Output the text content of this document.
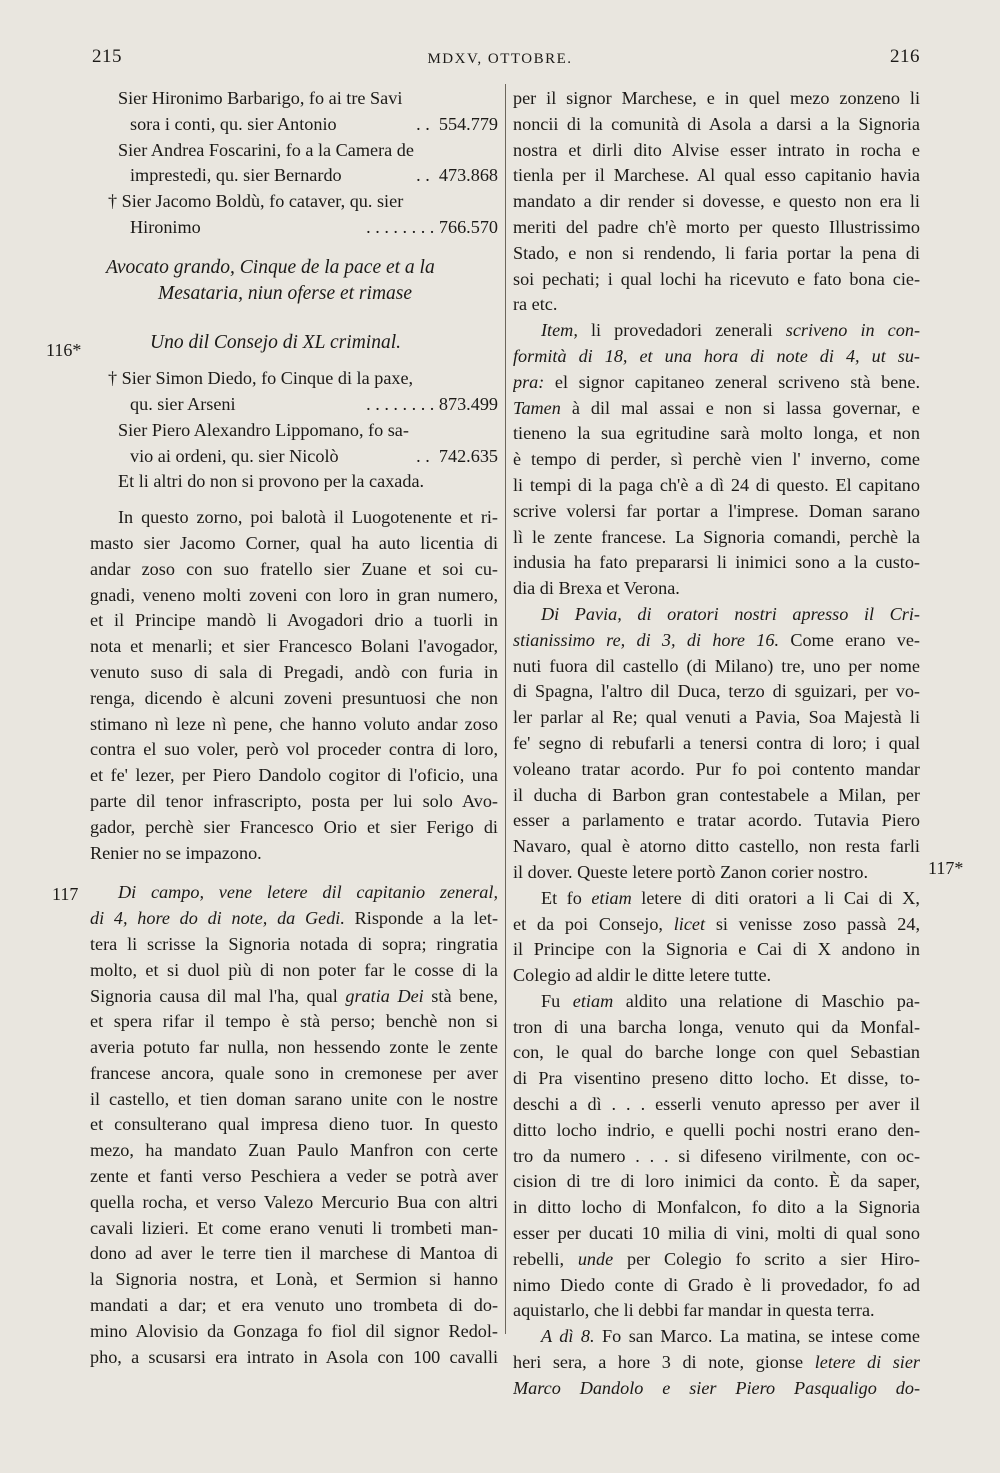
215	MDXV, OTTOBRE.	216
116*
117
117*
Sier Hironimo Barbarigo, fo ai tre Savi
sora i conti, qu. sier Antonio	. . 554.779
Sier Andrea Foscarini, fo a la Camera de
imprestedi, qu. sier Bernardo	. . 473.868
† Sier Jacomo Boldù, fo cataver, qu. sier
Hironimo	. . . . . . . . 766.570
Avocato grando, Cinque de la pace et a la
Mesataria, niun oferse et rimase
Uno dil Consejo di XL criminal.
† Sier Simon Diedo, fo Cinque di la paxe,
qu. sier Arseni	. . . . . . . . 873.499
Sier Piero Alexandro Lippomano, fo sa-
vio ai ordeni, qu. sier Nicolò	. . 742.635
Et li altri do non si provono per la caxada.
In questo zorno, poi balotà il Luogotenente et ri-
masto sier Jacomo Corner, qual ha auto licentia di
andar zoso con suo fratello sier Zuane et soi cu-
gnadi, veneno molti zoveni con loro in gran numero,
et il Principe mandò li Avogadori drio a tuorli in
nota et menarli; et sier Francesco Bolani l'avogador,
venuto suso di sala di Pregadi, andò con furia in
renga, dicendo è alcuni zoveni presuntuosi che non
stimano nì leze nì pene, che hanno voluto andar zoso
contra el suo voler, però vol proceder contra di loro,
et fe' lezer, per Piero Dandolo cogitor di l'oficio, una
parte dil tenor infrascripto, posta per lui solo Avo-
gador, perchè sier Francesco Orio et sier Ferigo di
Renier no se impazono.
Di campo, vene letere dil capitanio zeneral,
di 4, hore do di note, da Gedi. Risponde a la let-
tera li scrisse la Signoria notada di sopra; ringratia
molto, et si duol più di non poter far le cosse di la
Signoria causa dil mal l'ha, qual gratia Dei stà bene,
et spera rifar il tempo è stà perso; benchè non si
averia potuto far nulla, non hessendo zonte le zente
francese ancora, quale sono in cremonese per aver
il castello, et tien doman sarano unite con le nostre
et consulterano qual impresa dieno tuor. In questo
mezo, ha mandato Zuan Paulo Manfron con certe
zente et fanti verso Peschiera a veder se potrà aver
quella rocha, et verso Valezo Mercurio Bua con altri
cavali lizieri. Et come erano venuti li trombeti man-
dono ad aver le terre tien il marchese di Mantoa di
la Signoria nostra, et Lonà, et Sermion si hanno
mandati a dar; et era venuto uno trombeta di do-
mino Alovisio da Gonzaga fo fiol dil signor Redol-
pho, a scusarsi era intrato in Asola con 100 cavalli
per il signor Marchese, e in quel mezo zonzeno li
noncii di la comunità di Asola a darsi a la Signoria
nostra et dirli dito Alvise esser intrato in rocha e
tienla per il Marchese. Al qual esso capitanio havia
mandato a dir render si dovesse, e questo non era li
meriti del padre ch'è morto per questo Illustrissimo
Stado, e non si rendendo, li faria portar la pena di
soi pechati; i qual lochi ha ricevuto e fato bona cie-
ra etc.
Item, li provedadori zenerali scriveno in con-
formità di 18, et una hora di note di 4, ut su-
pra: el signor capitaneo zeneral scriveno stà bene.
Tamen à dil mal assai e non si lassa governar, e
tieneno la sua egritudine sarà molto longa, et non
è tempo di perder, sì perchè vien l' inverno, come
li tempi di la paga ch'è a dì 24 di questo. El capitano
scrive volersi far portar a l'imprese. Doman sarano
lì le zente francese. La Signoria comandi, perchè la
indusia ha fato prepararsi li inimici sono a la custo-
dia di Brexa et Verona.
Di Pavia, di oratori nostri apresso il Cri-
stianissimo re, di 3, di hore 16. Come erano ve-
nuti fuora dil castello (di Milano) tre, uno per nome
di Spagna, l'altro dil Duca, terzo di sguizari, per vo-
ler parlar al Re; qual venuti a Pavia, Soa Majestà li
fe' segno di rebufarli a tenersi contra di loro; i qual
voleano tratar acordo. Pur fo poi contento mandar
il ducha di Barbon gran contestabele a Milan, per
esser a parlamento e tratar acordo. Tutavia Piero
Navaro, qual è atorno ditto castello, non resta farli
il dover. Queste letere portò Zanon corier nostro.
Et fo etiam letere di diti oratori a li Cai di X,
et da poi Consejo, licet si venisse zoso passà 24,
il Principe con la Signoria e Cai di X andono in
Colegio ad aldir le ditte letere tutte.
Fu etiam aldito una relatione di Maschio pa-
tron di una barcha longa, venuto qui da Monfal-
con, le qual do barche longe con quel Sebastian
di Pra visentino preseno ditto locho. Et disse, to-
deschi a dì . . . esserli venuto apresso per aver il
ditto locho indrio, e quelli pochi nostri erano den-
tro da numero . . . si difeseno virilmente, con oc-
cision di tre di loro inimici da conto. È da saper,
in ditto locho di Monfalcon, fo dito a la Signoria
esser per ducati 10 milia di vini, molti di qual sono
rebelli, unde per Colegio fo scrito a sier Hiro-
nimo Diedo conte di Grado è li provedador, fo ad
aquistarlo, che li debbi far mandar in questa terra.
A dì 8. Fo san Marco. La matina, se intese come
heri sera, a hore 3 di note, gionse letere di sier
Marco Dandolo e sier Piero Pasqualigo do-
